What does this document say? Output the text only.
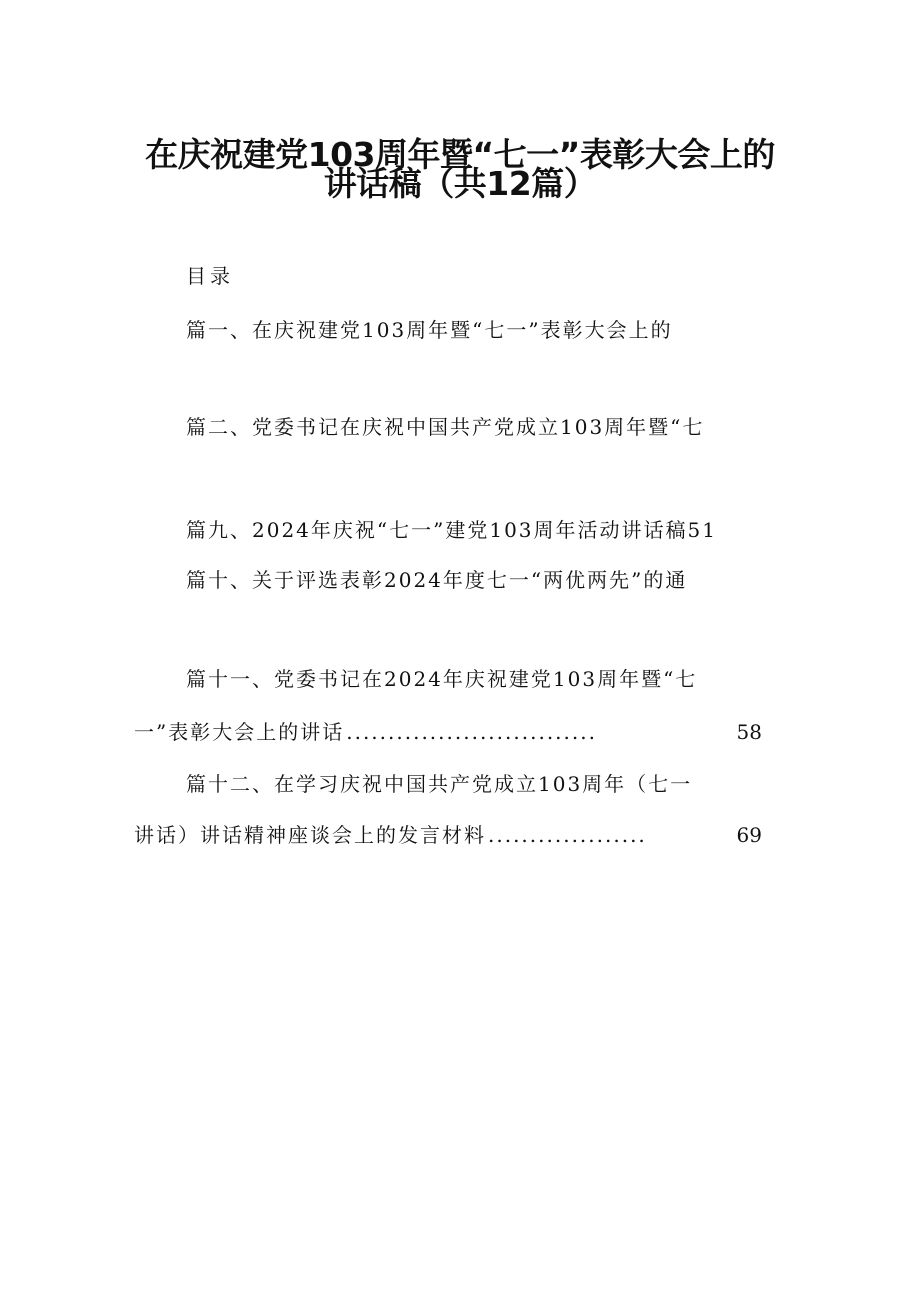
在庆祝建党103周年暨“七一”表彰大会上的
讲话稿（共12篇）
目录
篇一、在庆祝建党103周年暨“七一”表彰大会上的
篇二、党委书记在庆祝中国共产党成立103周年暨“七
篇九、2024年庆祝“七一”建党103周年活动讲话稿51
篇十、关于评选表彰2024年度七一“两优两先”的通
篇十一、党委书记在2024年庆祝建党103周年暨“七
一”表彰大会上的讲话 ..............................	58
篇十二、在学习庆祝中国共产党成立103周年（七一
讲话）讲话精神座谈会上的发言材料 ...................	69
